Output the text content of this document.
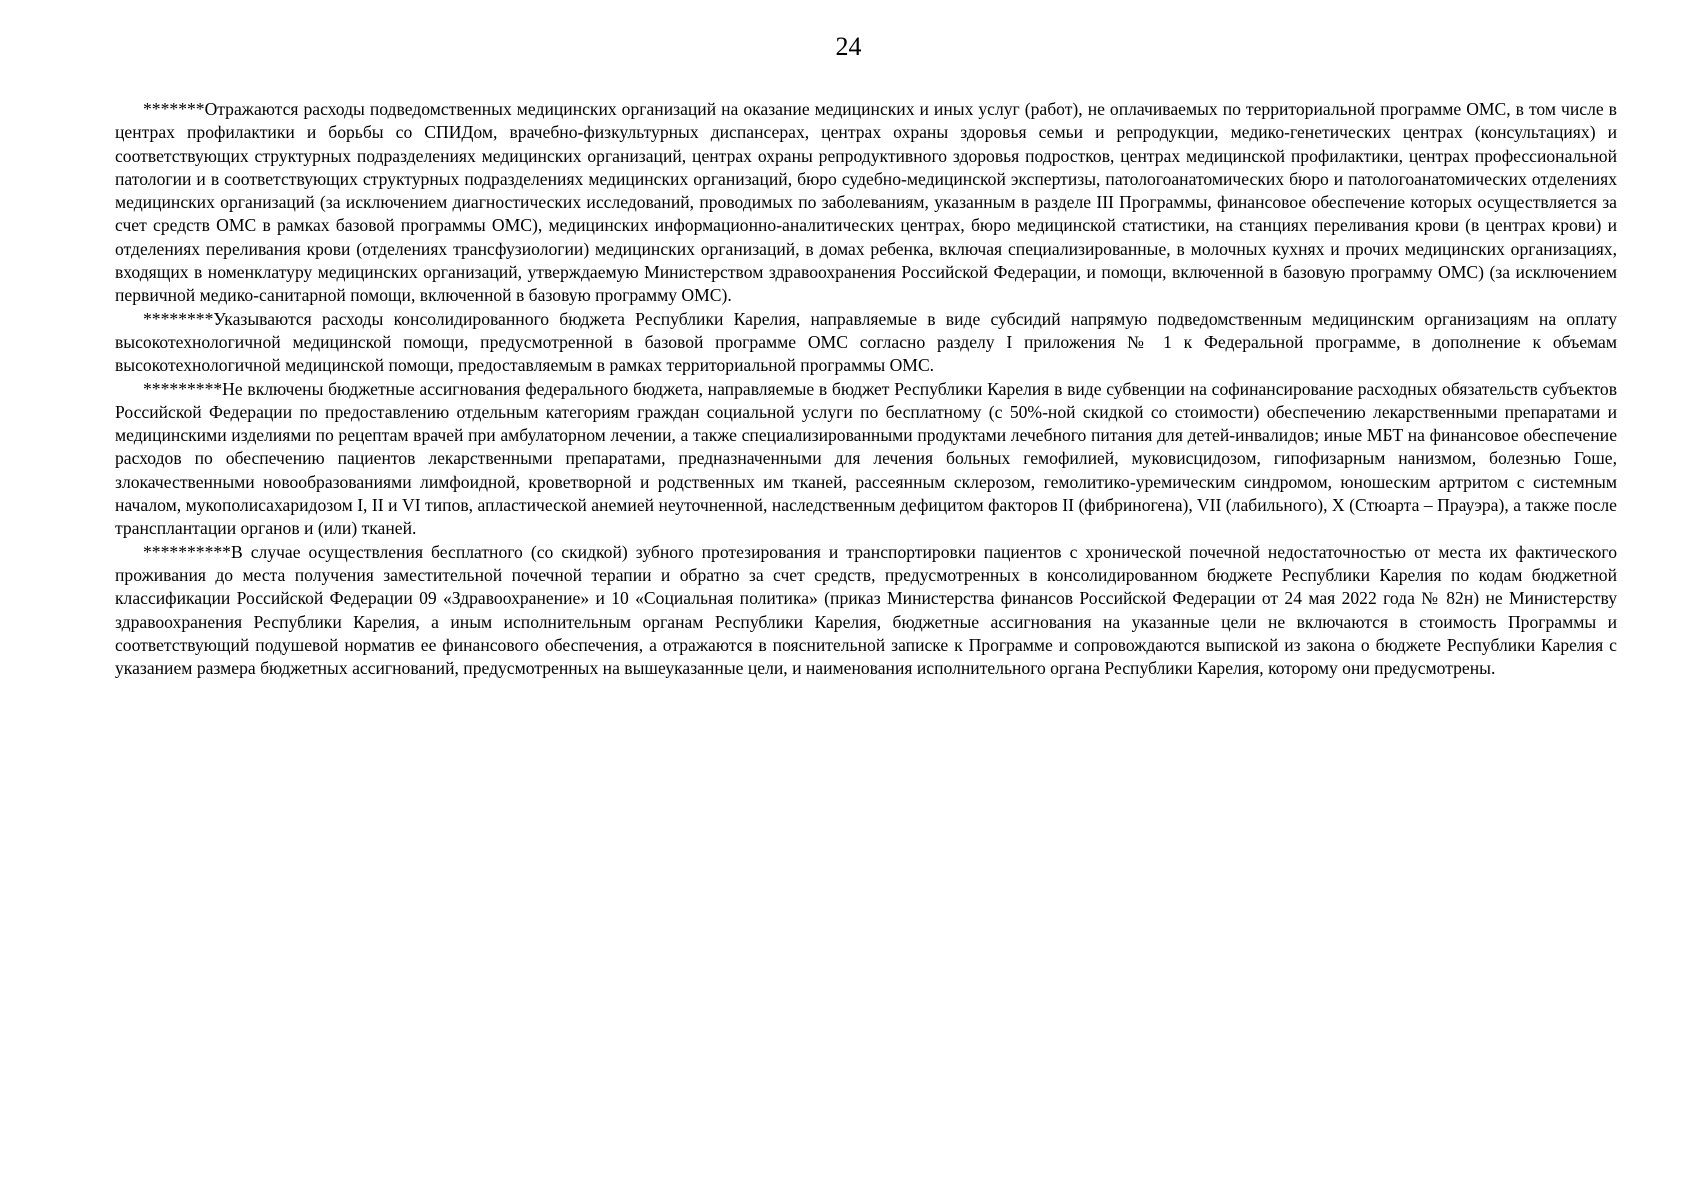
24

*******Отражаются расходы подведомственных медицинских организаций на оказание медицинских и иных услуг (работ), не оплачиваемых по территориальной программе ОМС, в том числе в центрах профилактики и борьбы со СПИДом, врачебно-физкультурных диспансерах, центрах охраны здоровья семьи и репродукции, медико-генетических центрах (консультациях) и соответствующих структурных подразделениях медицинских организаций, центрах охраны репродуктивного здоровья подростков, центрах медицинской профилактики, центрах профессиональной патологии и в соответствующих структурных подразделениях медицинских организаций, бюро судебно-медицинской экспертизы, патологоанатомических бюро и патологоанатомических отделениях медицинских организаций (за исключением диагностических исследований, проводимых по заболеваниям, указанным в разделе III Программы, финансовое обеспечение которых осуществляется за счет средств ОМС в рамках базовой программы ОМС), медицинских информационно-аналитических центрах, бюро медицинской статистики, на станциях переливания крови (в центрах крови) и отделениях переливания крови (отделениях трансфузиологии) медицинских организаций, в домах ребенка, включая специализированные, в молочных кухнях и прочих медицинских организациях, входящих в номенклатуру медицинских организаций, утверждаемую Министерством здравоохранения Российской Федерации, и помощи, включенной в базовую программу ОМС) (за исключением первичной медико-санитарной помощи, включенной в базовую программу ОМС).

********Указываются расходы консолидированного бюджета Республики Карелия, направляемые в виде субсидий напрямую подведомственным медицинским организациям на оплату высокотехнологичной медицинской помощи, предусмотренной в базовой программе ОМС согласно разделу I приложения № 1 к Федеральной программе, в дополнение к объемам высокотехнологичной медицинской помощи, предоставляемым в рамках территориальной программы ОМС.

*********Не включены бюджетные ассигнования федерального бюджета, направляемые в бюджет Республики Карелия в виде субвенции на софинансирование расходных обязательств субъектов Российской Федерации по предоставлению отдельным категориям граждан социальной услуги по бесплатному (с 50%-ной скидкой со стоимости) обеспечению лекарственными препаратами и медицинскими изделиями по рецептам врачей при амбулаторном лечении, а также специализированными продуктами лечебного питания для детей-инвалидов; иные МБТ на финансовое обеспечение расходов по обеспечению пациентов лекарственными препаратами, предназначенными для лечения больных гемофилией, муковисцидозом, гипофизарным нанизмом, болезнью Гоше, злокачественными новообразованиями лимфоидной, кроветворной и родственных им тканей, рассеянным склерозом, гемолитико-уремическим синдромом, юношеским артритом с системным началом, мукополисахаридозом I, II и VI типов, апластической анемией неуточненной, наследственным дефицитом факторов II (фибриногена), VII (лабильного), X (Стюарта – Прауэра), а также после трансплантации органов и (или) тканей.

**********В случае осуществления бесплатного (со скидкой) зубного протезирования и транспортировки пациентов с хронической почечной недостаточностью от места их фактического проживания до места получения заместительной почечной терапии и обратно за счет средств, предусмотренных в консолидированном бюджете Республики Карелия по кодам бюджетной классификации Российской Федерации 09 «Здравоохранение» и 10 «Социальная политика» (приказ Министерства финансов Российской Федерации от 24 мая 2022 года № 82н) не Министерству здравоохранения Республики Карелия, а иным исполнительным органам Республики Карелия, бюджетные ассигнования на указанные цели не включаются в стоимость Программы и соответствующий подушевой норматив ее финансового обеспечения, а отражаются в пояснительной записке к Программе и сопровождаются выпиской из закона о бюджете Республики Карелия с указанием размера бюджетных ассигнований, предусмотренных на вышеуказанные цели, и наименования исполнительного органа Республики Карелия, которому они предусмотрены.
